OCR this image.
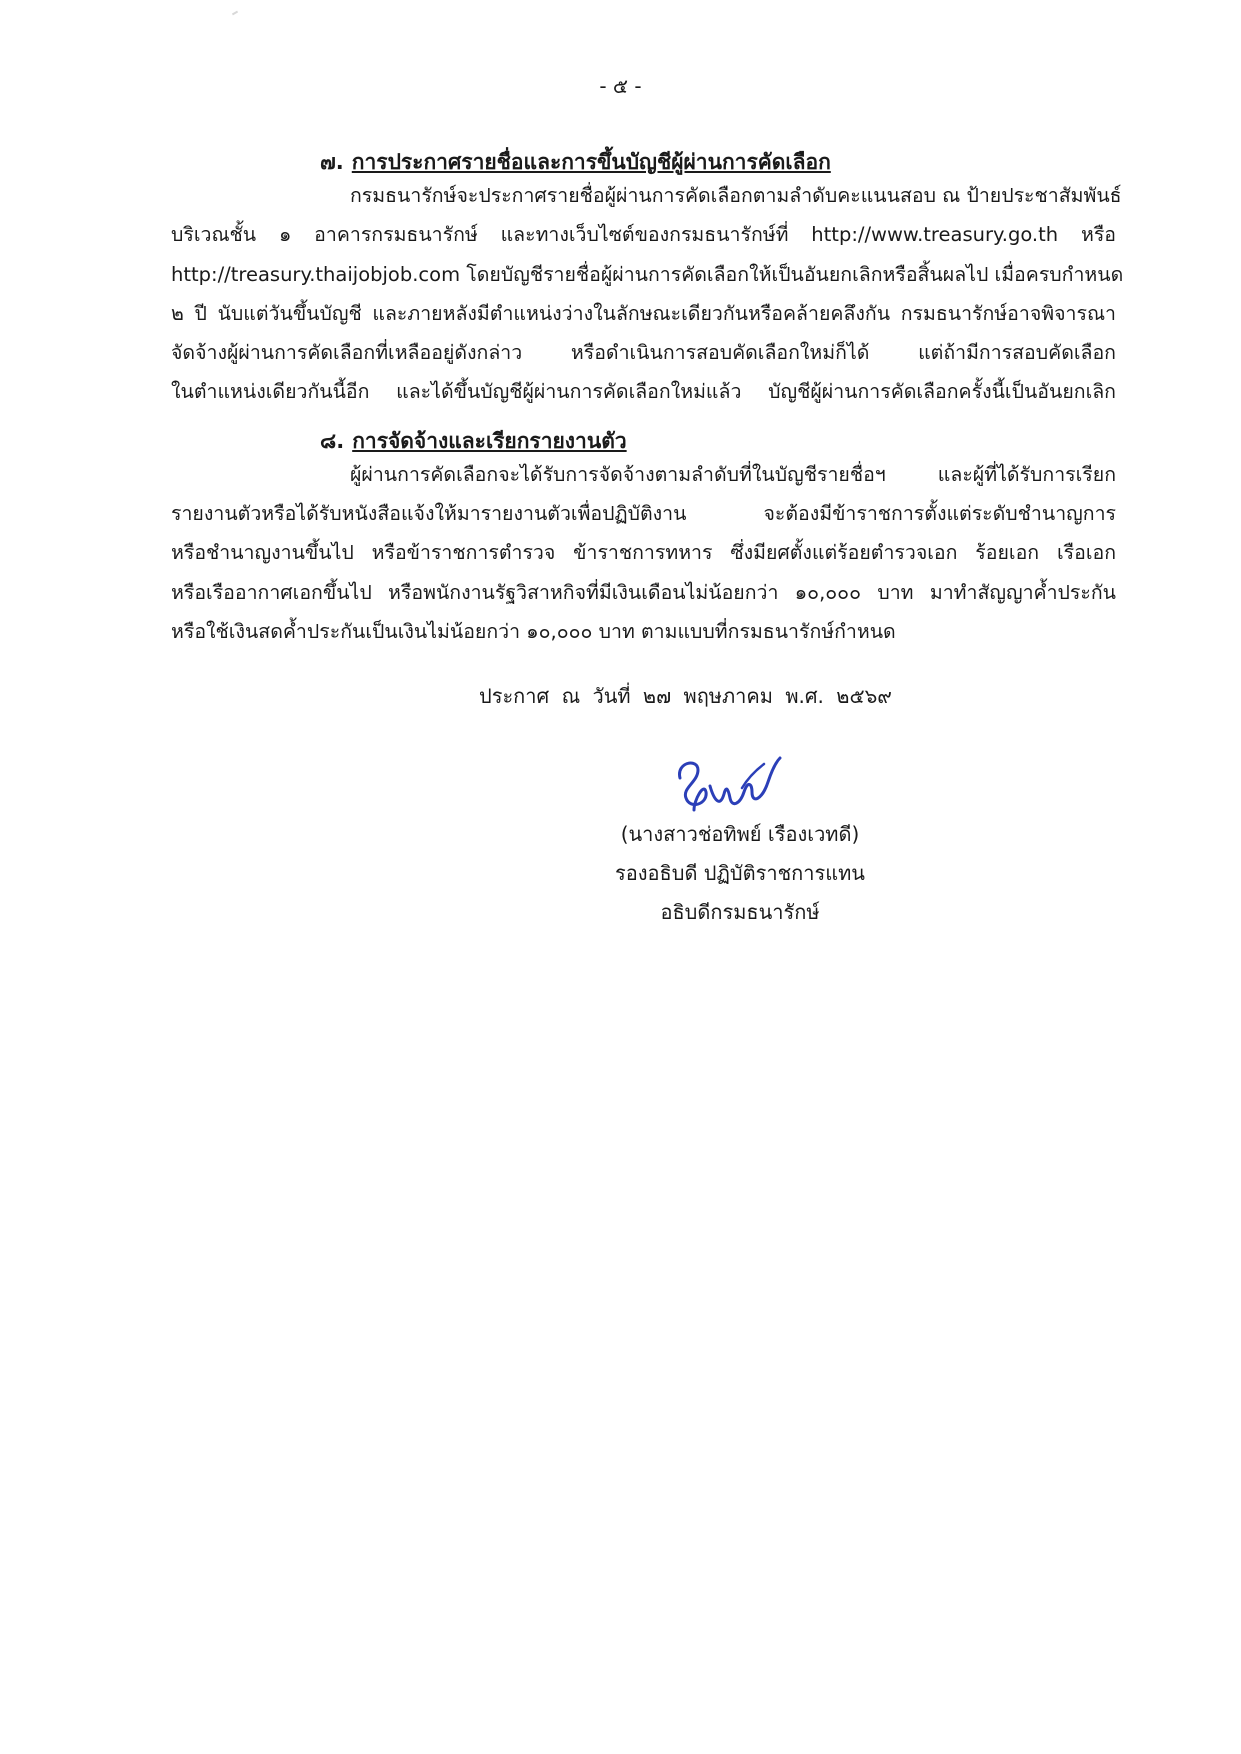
- ๕ -
๗. การประกาศรายชื่อและการขึ้นบัญชีผู้ผ่านการคัดเลือก
กรมธนารักษ์จะประกาศรายชื่อผู้ผ่านการคัดเลือกตามลำดับคะแนนสอบ ณ ป้ายประชาสัมพันธ์
บริเวณชั้น ๑ อาคารกรมธนารักษ์ และทางเว็บไซต์ของกรมธนารักษ์ที่ http://www.treasury.go.th หรือ
http://treasury.thaijobjob.com โดยบัญชีรายชื่อผู้ผ่านการคัดเลือกให้เป็นอันยกเลิกหรือสิ้นผลไป เมื่อครบกำหนด
๒ ปี นับแต่วันขึ้นบัญชี และภายหลังมีตำแหน่งว่างในลักษณะเดียวกันหรือคล้ายคลึงกัน กรมธนารักษ์อาจพิจารณา
จัดจ้างผู้ผ่านการคัดเลือกที่เหลืออยู่ดังกล่าว หรือดำเนินการสอบคัดเลือกใหม่ก็ได้ แต่ถ้ามีการสอบคัดเลือก
ในตำแหน่งเดียวกันนี้อีก และได้ขึ้นบัญชีผู้ผ่านการคัดเลือกใหม่แล้ว บัญชีผู้ผ่านการคัดเลือกครั้งนี้เป็นอันยกเลิก
๘. การจัดจ้างและเรียกรายงานตัว
ผู้ผ่านการคัดเลือกจะได้รับการจัดจ้างตามลำดับที่ในบัญชีรายชื่อฯ และผู้ที่ได้รับการเรียก
รายงานตัวหรือได้รับหนังสือแจ้งให้มารายงานตัวเพื่อปฏิบัติงาน จะต้องมีข้าราชการตั้งแต่ระดับชำนาญการ
หรือชำนาญงานขึ้นไป หรือข้าราชการตำรวจ ข้าราชการทหาร ซึ่งมียศตั้งแต่ร้อยตำรวจเอก ร้อยเอก เรือเอก
หรือเรืออากาศเอกขึ้นไป หรือพนักงานรัฐวิสาหกิจที่มีเงินเดือนไม่น้อยกว่า ๑๐,๐๐๐ บาท มาทำสัญญาค้ำประกัน
หรือใช้เงินสดค้ำประกันเป็นเงินไม่น้อยกว่า ๑๐,๐๐๐ บาท ตามแบบที่กรมธนารักษ์กำหนด
ประกาศ ณ วันที่ ๒๗ พฤษภาคม พ.ศ. ๒๕๖๙
(นางสาวช่อทิพย์ เรืองเวทดี)
รองอธิบดี ปฏิบัติราชการแทน
อธิบดีกรมธนารักษ์
